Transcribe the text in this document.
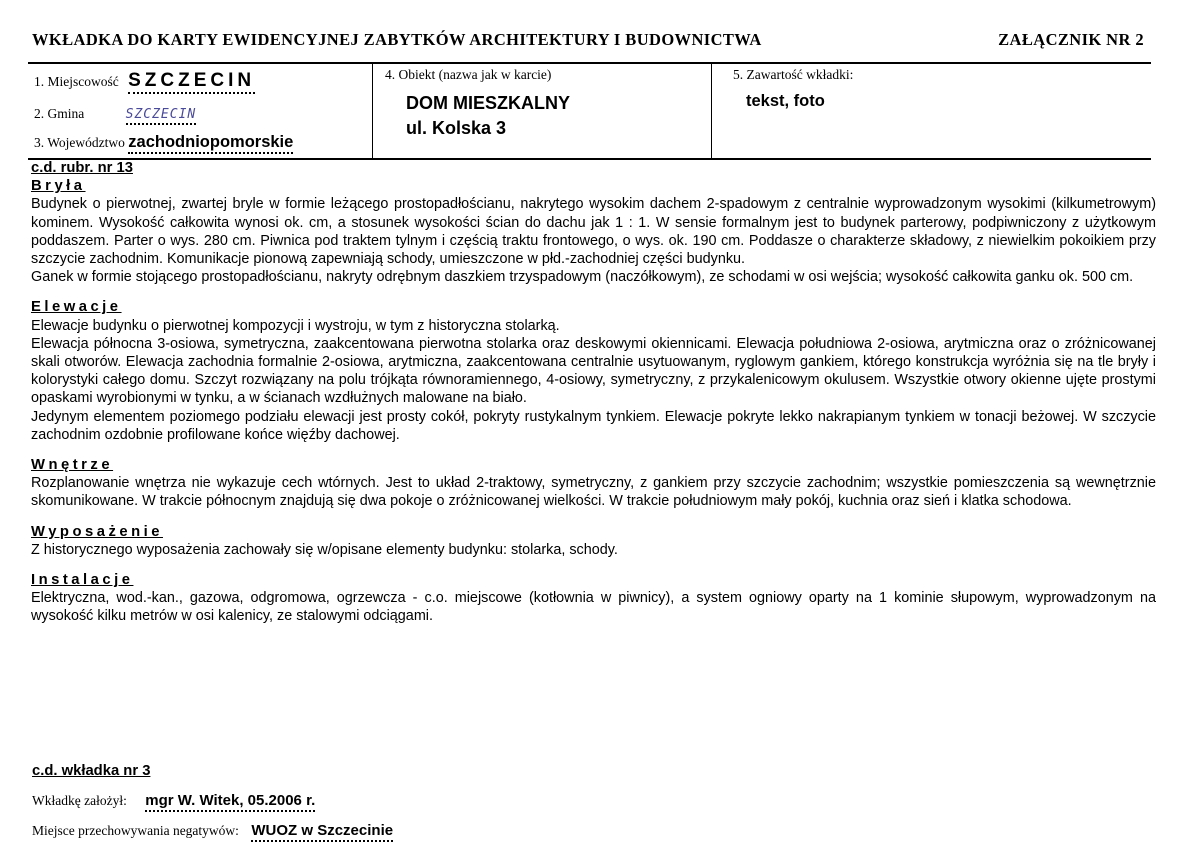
WKŁADKA DO KARTY EWIDENCYJNEJ ZABYTKÓW ARCHITEKTURY I BUDOWNICTWA	ZAŁĄCZNIK NR 2
1. Miejscowość SZCZECIN
2. Gmina	SZCZECIN
3. Województwo zachodniopomorskie
4. Obiekt (nazwa jak w karcie)
DOM MIESZKALNY
ul. Kolska 3
5. Zawartość wkładki:
tekst, foto
c.d. rubr. nr 13
Bryła

Budynek o pierwotnej, zwartej bryle w formie leżącego prostopadłościanu, nakrytego wysokim dachem 2-spadowym z centralnie wyprowadzonym wysokimi (kilkumetrowym) kominem. Wysokość całkowita wynosi ok. cm, a stosunek wysokości ścian do dachu jak 1 : 1. W sensie formalnym jest to budynek parterowy, podpiwniczony z użytkowym poddaszem. Parter o wys. 280 cm. Piwnica pod traktem tylnym i częścią traktu frontowego, o wys. ok. 190 cm. Poddasze o charakterze składowy, z niewielkim pokoikiem przy szczycie zachodnim. Komunikacje pionową zapewniają schody, umieszczone w płd.-zachodniej części budynku.

Ganek w formie stojącego prostopadłościanu, nakryty odrębnym daszkiem trzyspadowym (naczółkowym), ze schodami w osi wejścia; wysokość całkowita ganku ok. 500 cm.

Elewacje

Elewacje budynku o pierwotnej kompozycji i wystroju, w tym z historyczna stolarką.

Elewacja północna 3-osiowa, symetryczna, zaakcentowana pierwotna stolarka oraz deskowymi okiennicami. Elewacja południowa 2-osiowa, arytmiczna oraz o zróżnicowanej skali otworów. Elewacja zachodnia formalnie 2-osiowa, arytmiczna, zaakcentowana centralnie usytuowanym, ryglowym gankiem, którego konstrukcja wyróżnia się na tle bryły i kolorystyki całego domu. Szczyt rozwiązany na polu trójkąta równoramiennego, 4-osiowy, symetryczny, z przykalenicowym okulusem. Wszystkie otwory okienne ujęte prostymi opaskami wyrobionymi w tynku, a w ścianach wzdłużnych malowane na biało.

Jedynym elementem poziomego podziału elewacji jest prosty cokół, pokryty rustykalnym tynkiem. Elewacje pokryte lekko nakrapianym tynkiem w tonacji beżowej. W szczycie zachodnim ozdobnie profilowane końce więźby dachowej.

Wnętrze

Rozplanowanie wnętrza nie wykazuje cech wtórnych. Jest to układ 2-traktowy, symetryczny, z gankiem przy szczycie zachodnim; wszystkie pomieszczenia są wewnętrznie skomunikowane. W trakcie północnym znajdują się dwa pokoje o zróżnicowanej wielkości. W trakcie południowym mały pokój, kuchnia oraz sień i klatka schodowa.

Wyposażenie

Z historycznego wyposażenia zachowały się w/opisane elementy budynku: stolarka, schody.

Instalacje

Elektryczna, wod.-kan., gazowa, odgromowa, ogrzewcza - c.o. miejscowe (kotłownia w piwnicy), a system ogniowy oparty na 1 kominie słupowym, wyprowadzonym na wysokość kilku metrów w osi kalenicy, ze stalowymi odciągami.

c.d. wkładka nr 3
Wkładkę założył: mgr W. Witek, 05.2006 r.
Miejsce przechowywania negatywów: WUOZ w Szczecinie
